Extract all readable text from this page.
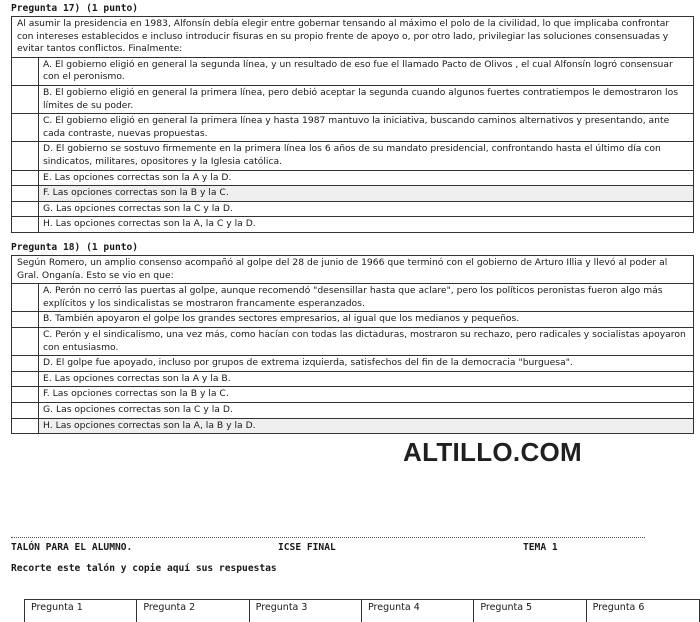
Pregunta 17) (1 punto)
Al asumir la presidencia en 1983, Alfonsín debía elegir entre gobernar tensando al máximo el polo de la civilidad, lo que implicaba confrontar con intereses establecidos e incluso introducir fisuras en su propio frente de apoyo o, por otro lado, privilegiar las soluciones consensuadas y evitar tantos conflictos. Finalmente:
A. El gobierno eligió en general la segunda línea, y un resultado de eso fue el llamado Pacto de Olivos , el cual Alfonsín logró consensuar con el peronismo.
B. El gobierno eligió en general la primera línea, pero debió aceptar la segunda cuando algunos fuertes contratiempos le demostraron los límites de su poder.
C. El gobierno eligió en general la primera línea y hasta 1987 mantuvo la iniciativa, buscando caminos alternativos y presentando, ante cada contraste, nuevas propuestas.
D. El gobierno se sostuvo firmemente en la primera línea los 6 años de su mandato presidencial, confrontando hasta el último día con sindicatos, militares, opositores y la Iglesia católica.
E. Las opciones correctas son la A y la D.
F. Las opciones correctas son la B y la C.
G. Las opciones correctas son la C y la D.
H. Las opciones correctas son la A, la C y la D.
Pregunta 18) (1 punto)
Según Romero, un amplio consenso acompañó al golpe del 28 de junio de 1966 que terminó con el gobierno de Arturo Illia y llevó al poder al Gral. Onganía. Esto se vio en que:
A. Perón no cerró las puertas al golpe, aunque recomendó "desensillar hasta que aclare", pero los políticos peronistas fueron algo más explícitos y los sindicalistas se mostraron francamente esperanzados.
B. También apoyaron el golpe los grandes sectores empresarios, al igual que los medianos y pequeños.
C. Perón y el sindicalismo, una vez más, como hacían con todas las dictaduras, mostraron su rechazo, pero radicales y socialistas apoyaron con entusiasmo.
D. El golpe fue apoyado, incluso por grupos de extrema izquierda, satisfechos del fin de la democracia "burguesa".
E. Las opciones correctas son la A y la B.
F. Las opciones correctas son la B y la C.
G. Las opciones correctas son la C y la D.
H. Las opciones correctas son la A, la B y la D.
ALTILLO.COM
TALÓN PARA EL ALUMNO.	ICSE FINAL	TEMA 1
Recorte este talón y copie aquí sus respuestas
Pregunta 1	Pregunta 2	Pregunta 3	Pregunta 4	Pregunta 5	Pregunta 6
